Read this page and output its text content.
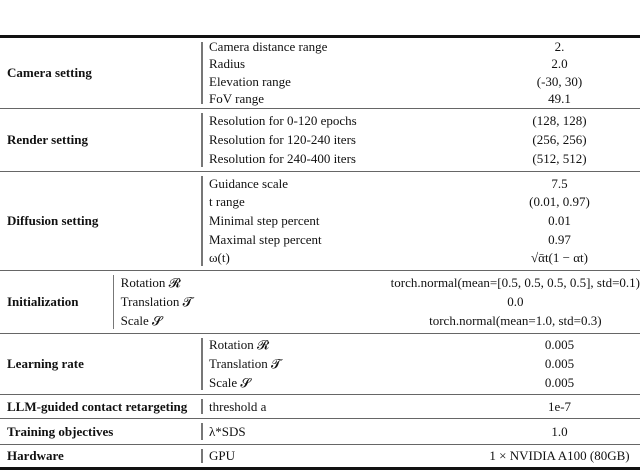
Camera setting
Camera distance range	2.
Radius	2.0
Elevation range	(-30, 30)
FoV range	49.1
Render setting
Resolution for 0-120 epochs	(128, 128)
Resolution for 120-240 iters	(256, 256)
Resolution for 240-400 iters	(512, 512)
Diffusion setting
Guidance scale	7.5
t range	(0.01, 0.97)
Minimal step percent	0.01
Maximal step percent	0.97
ω(t)	√ᾱt(1 − αt)
Initialization
Rotation 𝓡	torch.normal(mean=[0.5, 0.5, 0.5, 0.5], std=0.1)
Translation 𝓣	0.0
Scale 𝓢	torch.normal(mean=1.0, std=0.3)
Learning rate
Rotation 𝓡	0.005
Translation 𝓣	0.005
Scale 𝓢	0.005
LLM-guided contact retargeting	threshold a	1e-7
Training objectives	λ*SDS	1.0
Hardware	GPU	1 × NVIDIA A100 (80GB)
